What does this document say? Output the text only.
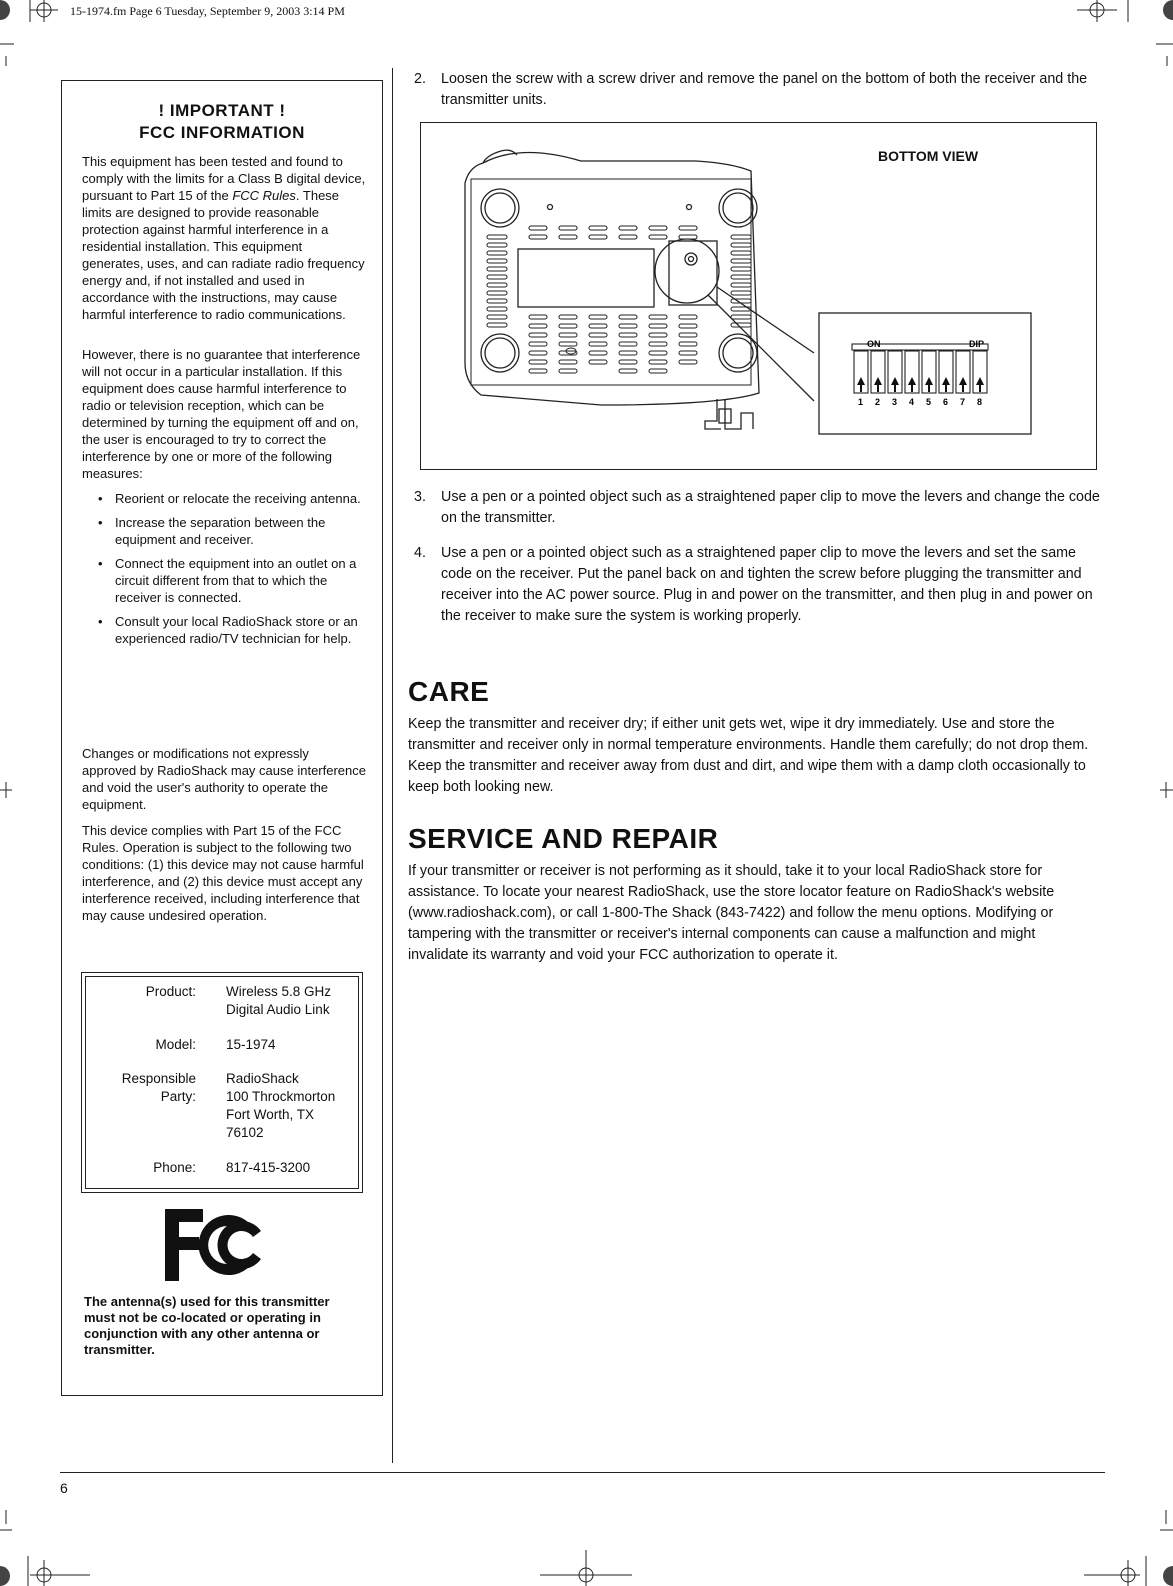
15-1974.fm Page 6 Tuesday, September 9, 2003 3:14 PM
! IMPORTANT !
FCC INFORMATION

This equipment has been tested and found to comply with the limits for a Class B digital device, pursuant to Part 15 of the FCC Rules. These limits are designed to provide reasonable protection against harmful interference in a residential installation. This equipment generates, uses, and can radiate radio frequency energy and, if not installed and used in accordance with the instructions, may cause harmful interference to radio communications.

However, there is no guarantee that interference will not occur in a particular installation. If this equipment does cause harmful interference to radio or television reception, which can be determined by turning the equipment off and on, the user is encouraged to try to correct the interference by one or more of the following measures:

• Reorient or relocate the receiving antenna.
• Increase the separation between the equipment and receiver.
• Connect the equipment into an outlet on a circuit different from that to which the receiver is connected.
• Consult your local RadioShack store or an experienced radio/TV technician for help.

Changes or modifications not expressly approved by RadioShack may cause interference and void the user's authority to operate the equipment.

This device complies with Part 15 of the FCC Rules. Operation is subject to the following two conditions: (1) this device may not cause harmful interference, and (2) this device must accept any interference received, including interference that may cause undesired operation.

Product: Wireless 5.8 GHz
Digital Audio Link
Model: 15-1974
Responsible
Party:
RadioShack
100 Throckmorton
Fort Worth, TX
76102
Phone: 817-415-3200

The antenna(s) used for this transmitter must not be co-located or operating in conjunction with any other antenna or transmitter.

2.	Loosen the screw with a screw driver and remove the panel on the bottom of both the receiver and the transmitter units.
BOTTOM VIEW
1 2 3 4 5 6 7 8
ON	DIP
3.	Use a pen or a pointed object such as a straightened paper clip to move the levers and change the code on the transmitter.
4.	Use a pen or a pointed object such as a straightened paper clip to move the levers and set the same code on the receiver. Put the panel back on and tighten the screw before plugging the transmitter and receiver into the AC power source. Plug in and power on the transmitter, and then plug in and power on the receiver to make sure the system is working properly.
CARE

Keep the transmitter and receiver dry; if either unit gets wet, wipe it dry immediately. Use and store the transmitter and receiver only in normal temperature environments. Handle them carefully; do not drop them. Keep the transmitter and receiver away from dust and dirt, and wipe them with a damp cloth occasionally to keep both looking new.

SERVICE AND REPAIR

If your transmitter or receiver is not performing as it should, take it to your local RadioShack store for assistance. To locate your nearest RadioShack, use the store locator feature on RadioShack's website (www.radioshack.com), or call 1-800-The Shack (843-7422) and follow the menu options. Modifying or tampering with the transmitter or receiver's internal components can cause a malfunction and might invalidate its warranty and void your FCC authorization to operate it.

6
